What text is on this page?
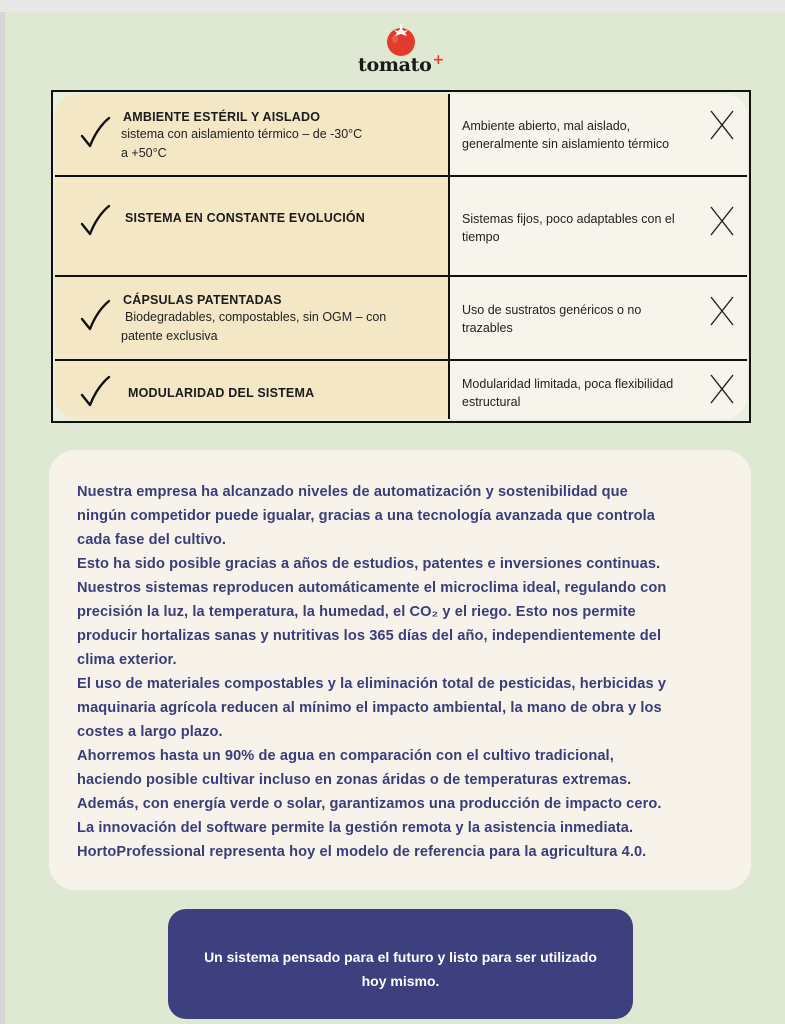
tomato+
AMBIENTE ESTÉRIL Y AISLADO
sistema con aislamiento térmico – de -30°C
a +50°C
Ambiente abierto, mal aislado,
generalmente sin aislamiento térmico
SISTEMA EN CONSTANTE EVOLUCIÓN	Sistemas fijos, poco adaptables con el
tiempo
CÁPSULAS PATENTADAS
Biodegradables, compostables, sin OGM – con
patente exclusiva
Uso de sustratos genéricos o no
trazables
MODULARIDAD DEL SISTEMA
Modularidad limitada, poca flexibilidad
estructural

Nuestra empresa ha alcanzado niveles de automatización y sostenibilidad que

ningún competidor puede igualar, gracias a una tecnología avanzada que controla

cada fase del cultivo.

Esto ha sido posible gracias a años de estudios, patentes e inversiones continuas.

Nuestros sistemas reproducen automáticamente el microclima ideal, regulando con

precisión la luz, la temperatura, la humedad, el CO₂ y el riego. Esto nos permite

producir hortalizas sanas y nutritivas los 365 días del año, independientemente del

clima exterior.

El uso de materiales compostables y la eliminación total de pesticidas, herbicidas y

maquinaria agrícola reducen al mínimo el impacto ambiental, la mano de obra y los

costes a largo plazo.

Ahorremos hasta un 90% de agua en comparación con el cultivo tradicional,

haciendo posible cultivar incluso en zonas áridas o de temperaturas extremas.

Además, con energía verde o solar, garantizamos una producción de impacto cero.

La innovación del software permite la gestión remota y la asistencia inmediata.

HortoProfessional representa hoy el modelo de referencia para la agricultura 4.0.

Un sistema pensado para el futuro y listo para ser utilizado
hoy mismo.
